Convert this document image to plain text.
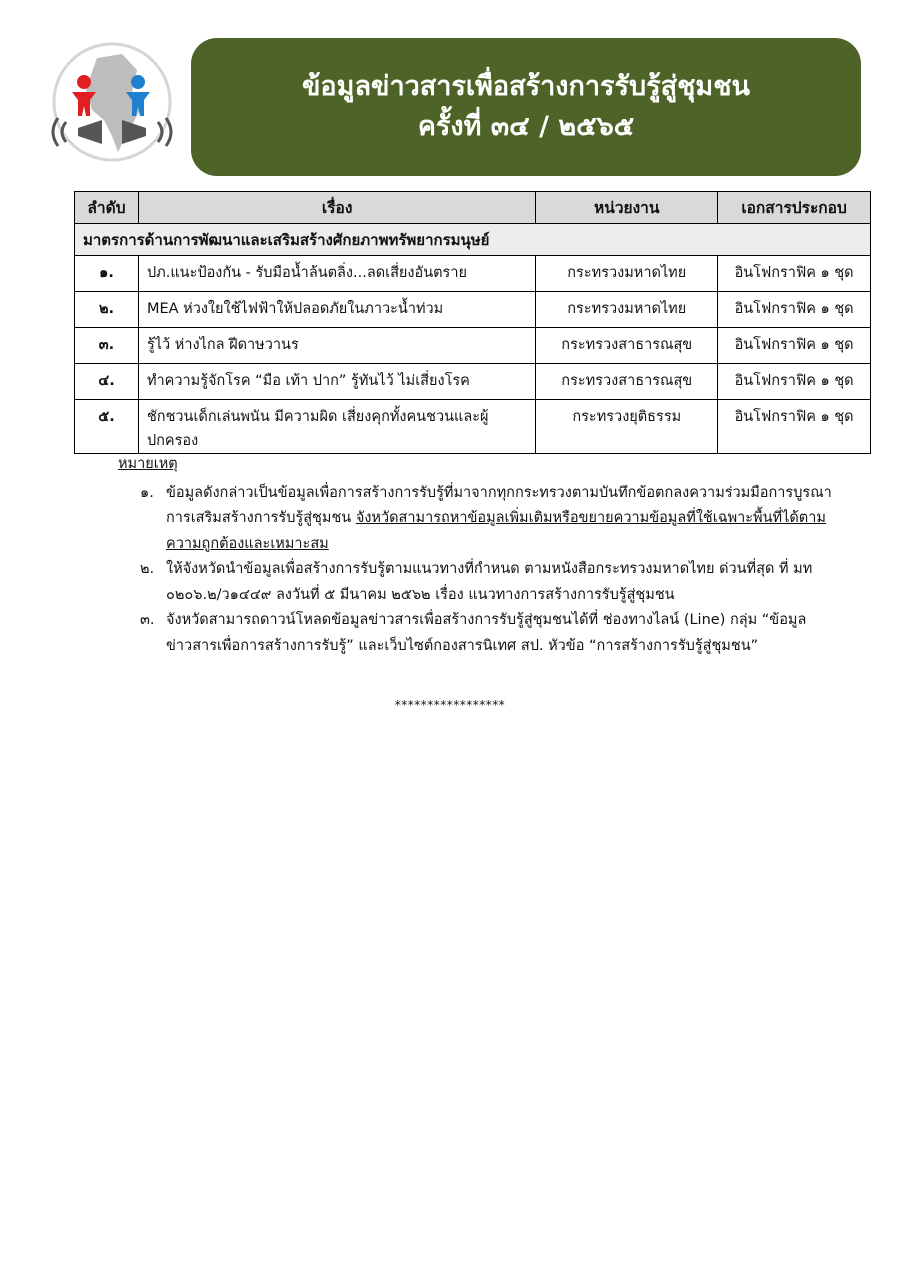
ข้อมูลข่าวสารเพื่อสร้างการรับรู้สู่ชุมชน
ครั้งที่ ๓๔ / ๒๕๖๕
ลำดับ	เรื่อง	หน่วยงาน	เอกสารประกอบ
มาตรการด้านการพัฒนาและเสริมสร้างศักยภาพทรัพยากรมนุษย์			
๑.	ปภ.แนะป้องกัน - รับมือน้ำล้นตลิ่ง...ลดเสี่ยงอันตราย	กระทรวงมหาดไทย	อินโฟกราฟิค ๑ ชุด
๒.	MEA ห่วงใยใช้ไฟฟ้าให้ปลอดภัยในภาวะน้ำท่วม	กระทรวงมหาดไทย	อินโฟกราฟิค ๑ ชุด
๓.	รู้ไว้ ห่างไกล ฝีดาษวานร	กระทรวงสาธารณสุข	อินโฟกราฟิค ๑ ชุด
๔.	ทำความรู้จักโรค “มือ เท้า ปาก” รู้ทันไว้ ไม่เสี่ยงโรค	กระทรวงสาธารณสุข	อินโฟกราฟิค ๑ ชุด
๕.	ชักชวนเด็กเล่นพนัน มีความผิด เสี่ยงคุกทั้งคนชวนและผู้ปกครอง	กระทรวงยุติธรรม	อินโฟกราฟิค ๑ ชุด
หมายเหตุ
๑. ข้อมูลดังกล่าวเป็นข้อมูลเพื่อการสร้างการรับรู้ที่มาจากทุกกระทรวงตามบันทึกข้อตกลงความร่วมมือการบูรณาการเสริมสร้างการรับรู้สู่ชุมชน จังหวัดสามารถหาข้อมูลเพิ่มเติมหรือขยายความข้อมูลที่ใช้เฉพาะพื้นที่ได้ตามความถูกต้องและเหมาะสม
๒. ให้จังหวัดนำข้อมูลเพื่อสร้างการรับรู้ตามแนวทางที่กำหนด ตามหนังสือกระทรวงมหาดไทย ด่วนที่สุด ที่ มท ๐๒๐๖.๒/ว๑๔๔๙ ลงวันที่ ๕ มีนาคม ๒๕๖๒ เรื่อง แนวทางการสร้างการรับรู้สู่ชุมชน
๓. จังหวัดสามารถดาวน์โหลดข้อมูลข่าวสารเพื่อสร้างการรับรู้สู่ชุมชนได้ที่ ช่องทางไลน์ (Line) กลุ่ม “ข้อมูลข่าวสารเพื่อการสร้างการรับรู้” และเว็บไซต์กองสารนิเทศ สป. หัวข้อ “การสร้างการรับรู้สู่ชุมชน”
*****************
